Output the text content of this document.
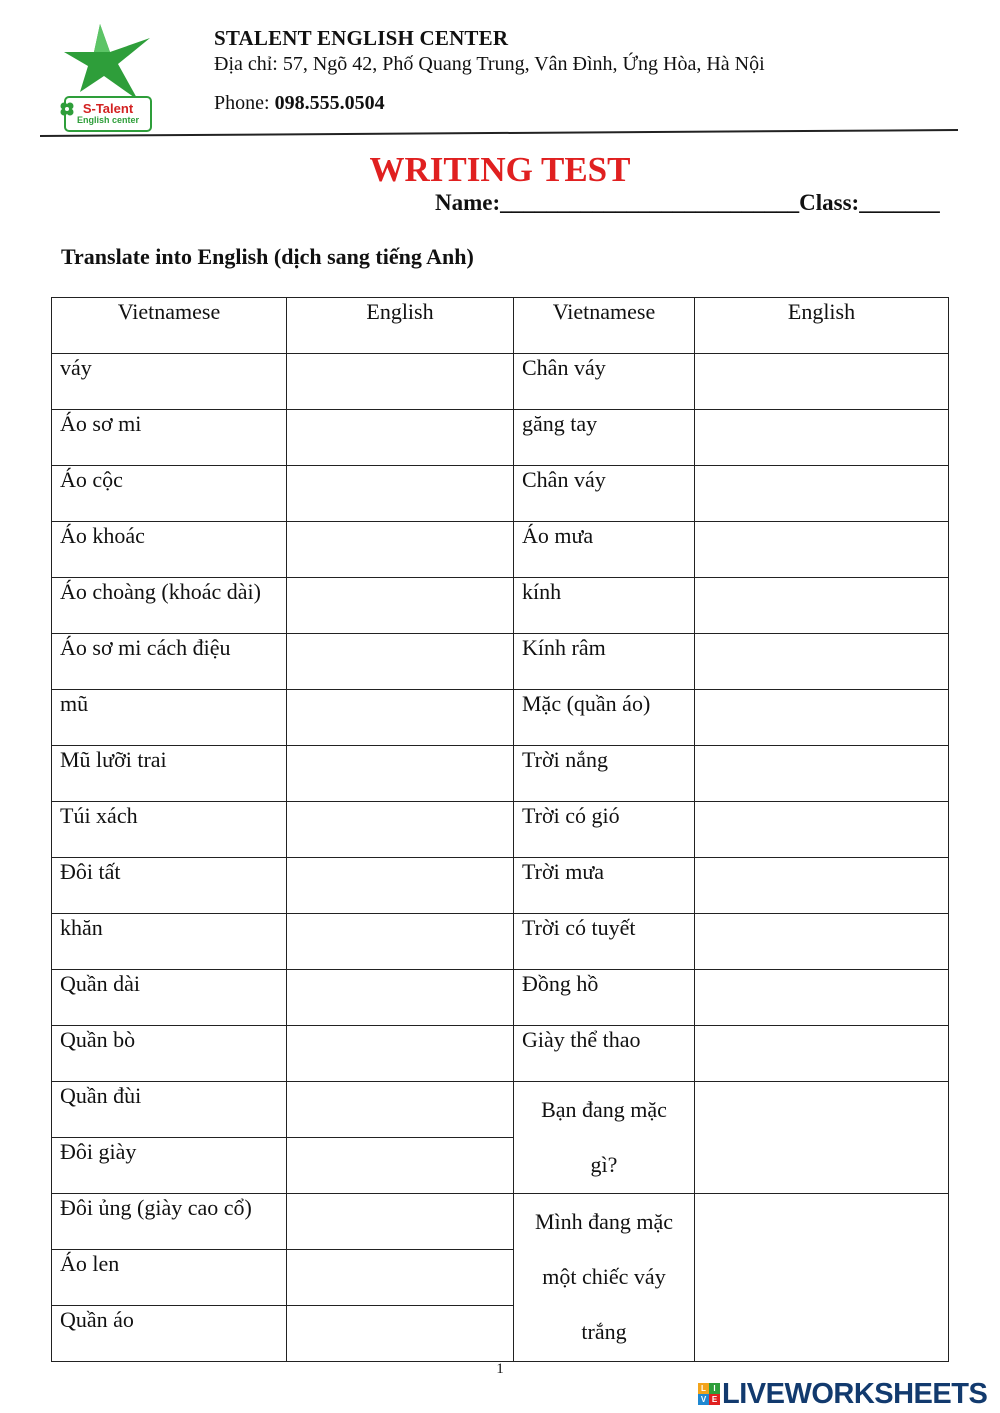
S-Talent
English center
STALENT ENGLISH CENTER
Địa chỉ: 57, Ngõ 42, Phố Quang Trung, Vân Đình, Ứng Hòa, Hà Nội
Phone: 098.555.0504
WRITING TEST
Name:__________________________Class:_______
Translate into English (dịch sang tiếng Anh)
Vietnamese	English	Vietnamese	English
váy		Chân váy	
Áo sơ mi		găng tay	
Áo cộc		Chân váy	
Áo khoác		Áo mưa	
Áo choàng (khoác dài)		kính	
Áo sơ mi cách điệu		Kính râm	
mũ		Mặc (quần áo)	
Mũ lưỡi trai		Trời nắng	
Túi xách		Trời có gió	
Đôi tất		Trời mưa	
khăn		Trời có tuyết	
Quần dài		Đồng hồ	
Quần bò		Giày thể thao	
Quần đùi		Bạn đang mặc
gì?	

Đôi giày			
Đôi ủng (giày cao cổ)		Mình đang mặc
một chiếc váy
trắng	

Áo len			
Quần áo			
1
L I
V E LIVEWORKSHEETS
